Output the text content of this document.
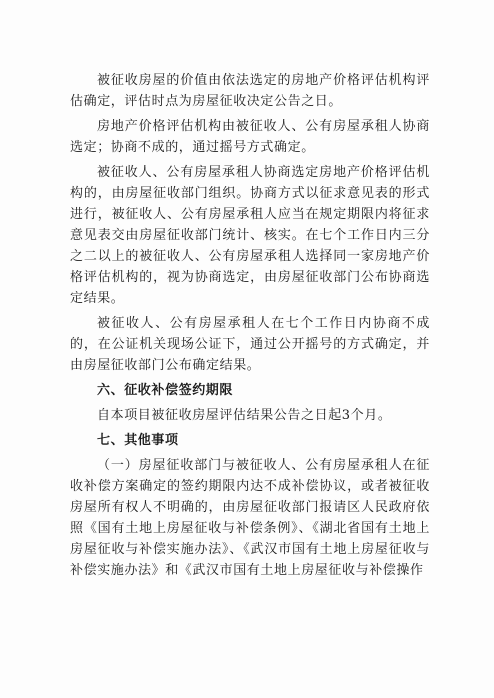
被征收房屋的价值由依法选定的房地产价格评估机构评估确定，评估时点为房屋征收决定公告之日。

房地产价格评估机构由被征收人、公有房屋承租人协商选定；协商不成的，通过摇号方式确定。

被征收人、公有房屋承租人协商选定房地产价格评估机构的，由房屋征收部门组织。协商方式以征求意见表的形式进行，被征收人、公有房屋承租人应当在规定期限内将征求意见表交由房屋征收部门统计、核实。在七个工作日内三分之二以上的被征收人、公有房屋承租人选择同一家房地产价格评估机构的，视为协商选定，由房屋征收部门公布协商选定结果。

被征收人、公有房屋承租人在七个工作日内协商不成的，在公证机关现场公证下，通过公开摇号的方式确定，并由房屋征收部门公布确定结果。

六、征收补偿签约期限

自本项目被征收房屋评估结果公告之日起3个月。

七、其他事项

（一）房屋征收部门与被征收人、公有房屋承租人在征收补偿方案确定的签约期限内达不成补偿协议，或者被征收房屋所有权人不明确的，由房屋征收部门报请区人民政府依照《国有土地上房屋征收与补偿条例》、《湖北省国有土地上房屋征收与补偿实施办法》、《武汉市国有土地上房屋征收与补偿实施办法》和《武汉市国有土地上房屋征收与补偿操作
